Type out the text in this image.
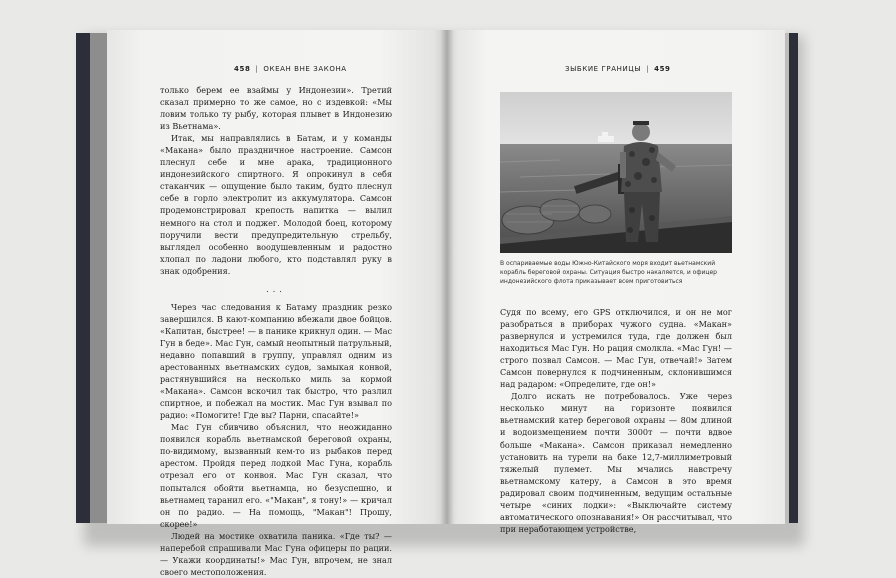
458 | ОКЕАН ВНЕ ЗАКОНА

только берем ее взаймы у Индонезии». Третий сказал примерно то же самое, но с издевкой: «Мы ловим только ту рыбу, которая плывет в Индонезию из Вьетнама».

Итак, мы направлялись в Батам, и у команды «Макана» было праздничное настроение. Самсон плеснул себе и мне арака, традиционного индонезийского спиртного. Я опрокинул в себя стаканчик — ощущение было таким, будто плеснул себе в горло электролит из аккумулятора. Самсон продемонстрировал крепость напитка — вылил немного на стол и поджег. Молодой боец, которому поручили вести предупредительную стрельбу, выглядел особенно воодушевленным и радостно хлопал по ладони любого, кто подставлял руку в знак одобрения.

...

Через час следования к Батаму праздник резко завершился. В кают-компанию вбежали двое бойцов. «Капитан, быстрее! — в панике крикнул один. — Мас Гун в беде». Мас Гун, самый неопытный патрульный, недавно попавший в группу, управлял одним из арестованных вьетнамских судов, замыкая конвой, растянувшийся на несколько миль за кормой «Макана». Самсон вскочил так быстро, что разлил спиртное, и побежал на мостик. Мас Гун взывал по радио: «Помогите! Где вы? Парни, спасайте!»

Мас Гун сбивчиво объяснил, что неожиданно появился корабль вьетнамской береговой охраны, по-видимому, вызванный кем-то из рыбаков перед арестом. Пройдя перед лодкой Мас Гуна, корабль отрезал его от конвоя. Мас Гун сказал, что попытался обойти вьетнамца, но безуспешно, и вьетнамец таранил его. «"Макан", я тону!» — кричал он по радио. — На помощь, "Макан"! Прошу, скорее!»

Людей на мостике охватила паника. «Где ты? — наперебой спрашивали Мас Гуна офицеры по рации. — Укажи координаты!» Мас Гун, впрочем, не знал своего местоположения.

ЗЫБКИЕ ГРАНИЦЫ | 459
В оспариваемые воды Южно-Китайского моря входит вьетнамский корабль береговой охраны. Ситуация быстро накаляется, и офицер индонезийского флота приказывает всем приготовиться

Судя по всему, его GPS отключился, и он не мог разобраться в приборах чужого судна. «Макан» развернулся и устремился туда, где должен был находиться Мас Гун. Но рация смолкла. «Мас Гун! — строго позвал Самсон. — Мас Гун, отвечай!» Затем Самсон повернулся к подчиненным, склонившимся над радаром: «Определите, где он!»

Долго искать не потребовалось. Уже через несколько минут на горизонте появился вьетнамский катер береговой охраны — 80м длиной и водоизмещением почти 3000т — почти вдвое больше «Макана». Самсон приказал немедленно установить на турели на баке 12,7-миллиметровый тяжелый пулемет. Мы мчались навстречу вьетнамскому катеру, а Самсон в это время радировал своим подчиненным, ведущим остальные четыре «синих лодки»: «Выключайте систему автоматического опознавания!» Он рассчитывал, что при неработающем устройстве,
